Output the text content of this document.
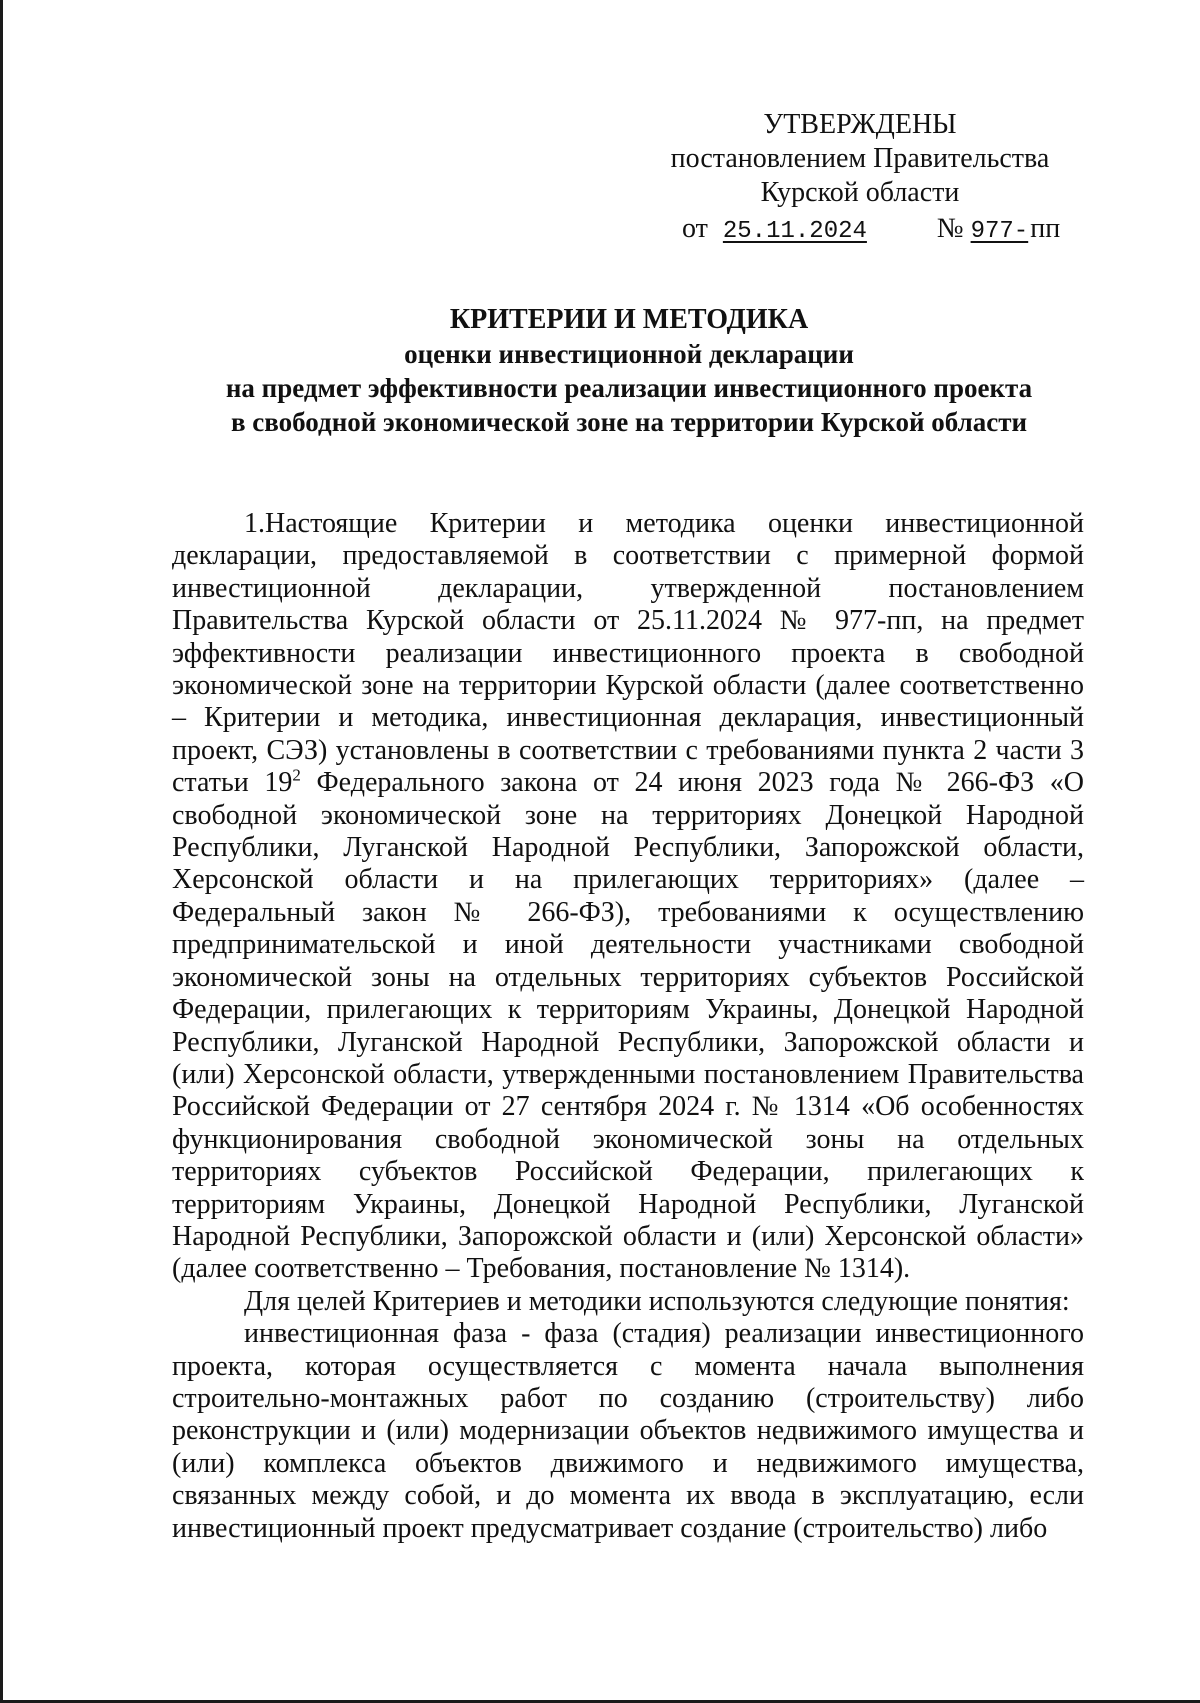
УТВЕРЖДЕНЫ
постановлением Правительства
Курской области
от 25.11.2024 № 977-пп
КРИТЕРИИ И МЕТОДИКА
оценки инвестиционной декларации
на предмет эффективности реализации инвестиционного проекта
в свободной экономической зоне на территории Курской области

1.Настоящие Критерии и методика оценки инвестиционной декларации, предоставляемой в соответствии с примерной формой инвестиционной декларации, утвержденной постановлением Правительства Курской области от 25.11.2024 № 977-пп, на предмет эффективности реализации инвестиционного проекта в свободной экономической зоне на территории Курской области (далее соответственно – Критерии и методика, инвестиционная декларация, инвестиционный проект, СЭЗ) установлены в соответствии с требованиями пункта 2 части 3 статьи $19^2$ Федерального закона от 24 июня 2023 года № 266-ФЗ «О свободной экономической зоне на территориях Донецкой Народной Республики, Луганской Народной Республики, Запорожской области, Херсонской области и на прилегающих территориях» (далее – Федеральный закон № 266-ФЗ), требованиями к осуществлению предпринимательской и иной деятельности участниками свободной экономической зоны на отдельных территориях субъектов Российской Федерации, прилегающих к территориям Украины, Донецкой Народной Республики, Луганской Народной Республики, Запорожской области и (или) Херсонской области, утвержденными постановлением Правительства Российской Федерации от 27 сентября 2024 г. № 1314 «Об особенностях функционирования свободной экономической зоны на отдельных территориях субъектов Российской Федерации, прилегающих к территориям Украины, Донецкой Народной Республики, Луганской Народной Республики, Запорожской области и (или) Херсонской области» (далее соответственно – Требования, постановление № 1314).

Для целей Критериев и методики используются следующие понятия:

инвестиционная фаза - фаза (стадия) реализации инвестиционного проекта, которая осуществляется с момента начала выполнения строительно-монтажных работ по созданию (строительству) либо реконструкции и (или) модернизации объектов недвижимого имущества и (или) комплекса объектов движимого и недвижимого имущества, связанных между собой, и до момента их ввода в эксплуатацию, если инвестиционный проект предусматривает создание (строительство) либо
